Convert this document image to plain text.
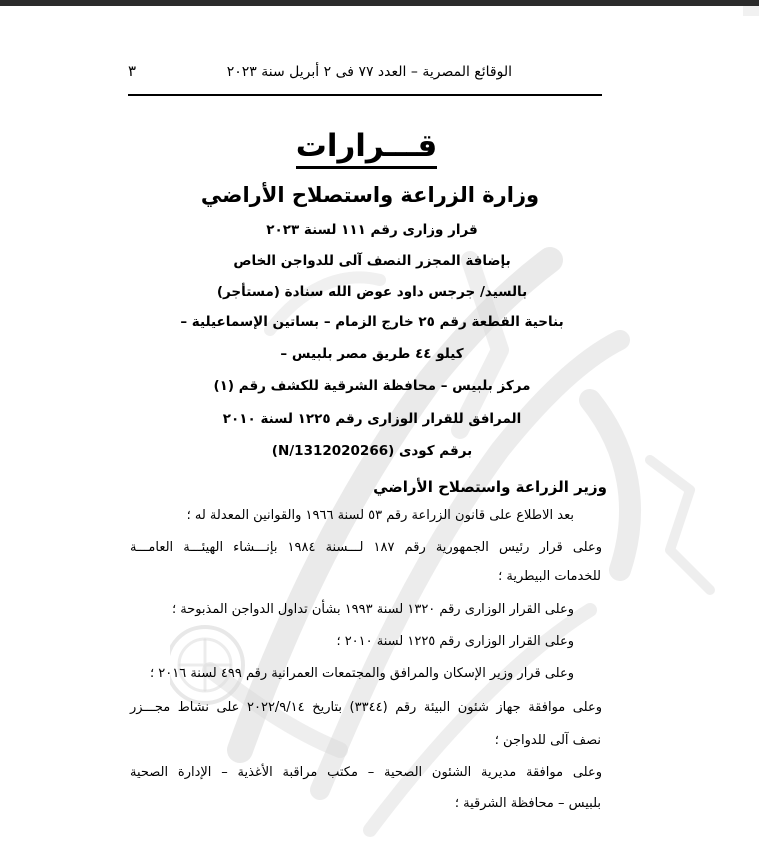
٣	الوقائع المصرية – العدد ٧٧ فى ٢ أبريل سنة ٢٠٢٣
قـــرارات
وزارة الزراعة واستصلاح الأراضي
قرار وزارى رقم ١١١ لسنة ٢٠٢٣
بإضافة المجزر النصف آلى للدواجن الخاص
بالسيد/ جرجس داود عوض الله سنادة (مستأجر)
بناحية القطعة رقم ٢٥ خارج الزمام – بساتين الإسماعيلية –
كيلو ٤٤ طريق مصر بلبيس –
مركز بلبيس – محافظة الشرقية للكشف رقم (١)
المرافق للقرار الوزارى رقم ١٢٢٥ لسنة ٢٠١٠
برقم كودى (N/1312020266)
وزير الزراعة واستصلاح الأراضي
بعد الاطلاع على قانون الزراعة رقم ٥٣ لسنة ١٩٦٦ والقوانين المعدلة له ؛
وعلى قرار رئيس الجمهورية رقم ١٨٧ لـــسنة ١٩٨٤ بإنـــشاء الهيئـــة العامـــة
للخدمات البيطرية ؛
وعلى القرار الوزارى رقم ١٣٢٠ لسنة ١٩٩٣ بشأن تداول الدواجن المذبوحة ؛
وعلى القرار الوزارى رقم ١٢٢٥ لسنة ٢٠١٠ ؛
وعلى قرار وزير الإسكان والمرافق والمجتمعات العمرانية رقم ٤٩٩ لسنة ٢٠١٦ ؛
وعلى موافقة جهاز شئون البيئة رقم (٣٣٤٤) بتاريخ ٢٠٢٢/٩/١٤ على نشاط مجـــزر
نصف آلى للدواجن ؛
وعلى موافقة مديرية الشئون الصحية – مكتب مراقبة الأغذية – الإدارة الصحية
بلبيس – محافظة الشرقية ؛
